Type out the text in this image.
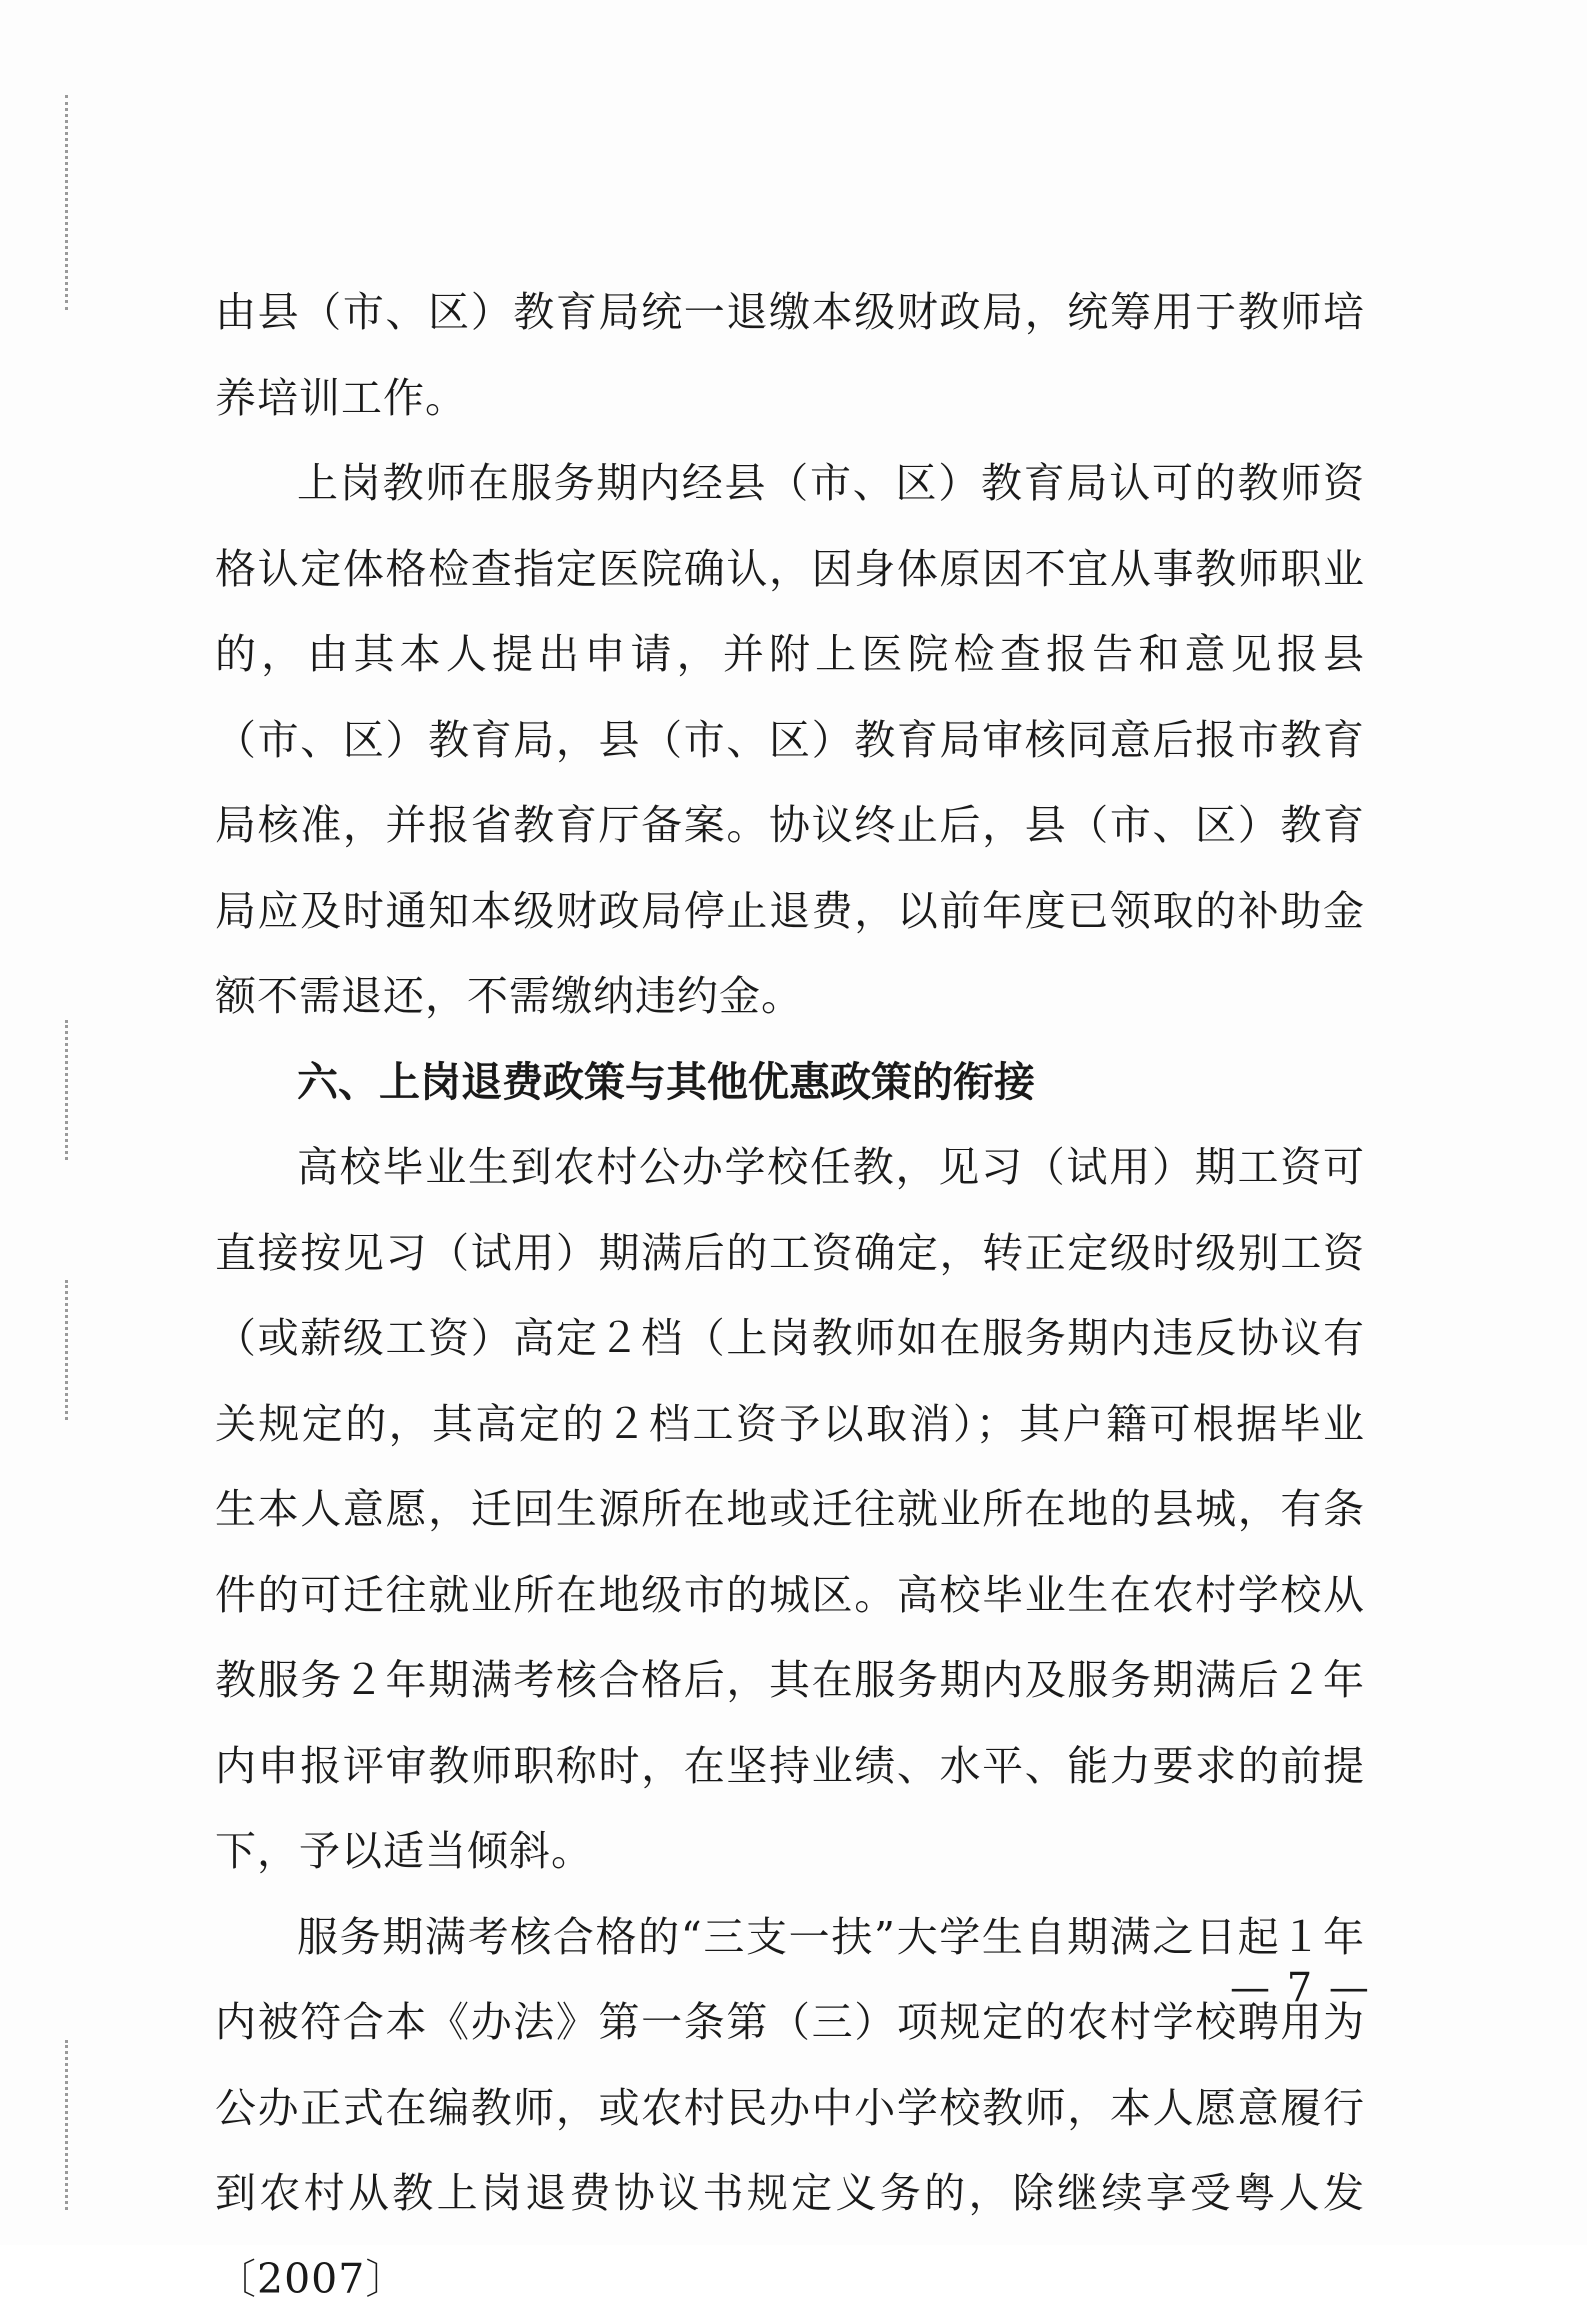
由县（市、区）教育局统一退缴本级财政局，统筹用于教师培养培训工作。

上岗教师在服务期内经县（市、区）教育局认可的教师资格认定体格检查指定医院确认，因身体原因不宜从事教师职业的，由其本人提出申请，并附上医院检查报告和意见报县（市、区）教育局，县（市、区）教育局审核同意后报市教育局核准，并报省教育厅备案。协议终止后，县（市、区）教育局应及时通知本级财政局停止退费，以前年度已领取的补助金额不需退还，不需缴纳违约金。

六、上岗退费政策与其他优惠政策的衔接

高校毕业生到农村公办学校任教，见习（试用）期工资可直接按见习（试用）期满后的工资确定，转正定级时级别工资（或薪级工资）高定２档（上岗教师如在服务期内违反协议有关规定的，其高定的２档工资予以取消）；其户籍可根据毕业生本人意愿，迁回生源所在地或迁往就业所在地的县城，有条件的可迁往就业所在地级市的城区。高校毕业生在农村学校从教服务２年期满考核合格后，其在服务期内及服务期满后２年内申报评审教师职称时，在坚持业绩、水平、能力要求的前提下，予以适当倾斜。

服务期满考核合格的“三支一扶”大学生自期满之日起１年内被符合本《办法》第一条第（三）项规定的农村学校聘用为公办正式在编教师，或农村民办中小学校教师，本人愿意履行到农村从教上岗退费协议书规定义务的，除继续享受粤人发〔2007〕

— 7 —
